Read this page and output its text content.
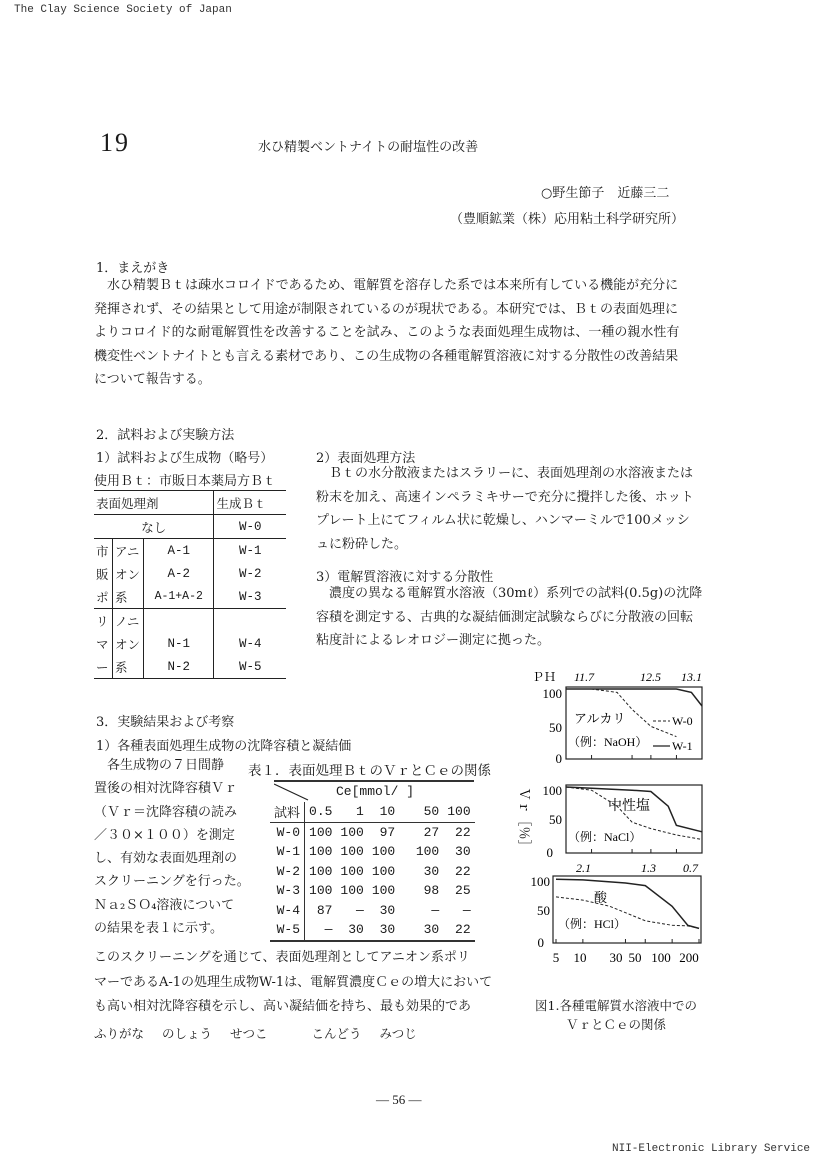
The Clay Science Society of Japan
19	水ひ精製ベントナイトの耐塩性の改善
○野生節子　近藤三二
（豊順鉱業（株）応用粘土科学研究所）
1．まえがき
　水ひ精製Ｂｔは疎水コロイドであるため、電解質を溶存した系では本来所有している機能が充分に
発揮されず、その結果として用途が制限されているのが現状である。本研究では、Ｂｔの表面処理に
よりコロイド的な耐電解質性を改善することを試み、このような表面処理生成物は、一種の親水性有
機変性ベントナイトとも言える素材であり、この生成物の各種電解質溶液に対する分散性の改善結果
について報告する。
2．試料および実験方法
1）試料および生成物（略号）
使用Ｂｔ：市販日本薬局方Ｂｔ
表面処理剤			生成Ｂｔ
なし			W-0
市	アニ	A-1	W-1
販	オン	A-2	W-2
ポ	系	A-1+A-2	W-3
リ	ノニ		
マ	オン	N-1	W-4
ー	系	N-2	W-5
2）表面処理方法
　Ｂｔの水分散液またはスラリーに、表面処理剤の水溶液または
粉末を加え、高速インペラミキサーで充分に攪拌した後、ホット
プレート上にてフィルム状に乾燥し、ハンマーミルで100メッシ
ュに粉砕した。
3）電解質溶液に対する分散性
　濃度の異なる電解質水溶液（30mℓ）系列での試料(0.5g)の沈降
容積を測定する、古典的な凝結価測定試験ならびに分散液の回転
粘度計によるレオロジー測定に拠った。
3．実験結果および考察
1）各種表面処理生成物の沈降容積と凝結価
　各生成物の７日間静
置後の相対沈降容積Ｖｒ
（Ｖｒ＝沈降容積の読み
／３０×１００）を測定
し、有効な表面処理剤の
スクリーニングを行った。
Ｎａ₂ＳＯ₄溶液について
の結果を表１に示す。
表１．表面処理ＢｔのＶｒとＣｅの関係
Ce[mmol/ ]
試料	0.5	1	10	50	100
W-0	100	100	97	27	22
W-1	100	100	100	100	30
W-2	100	100	100	30	22
W-3	100	100	100	98	25
W-4	87	—	30	—	—
W-5	—	30	30	30	22
このスクリーニングを通じて、表面処理剤としてアニオン系ポリ
マーであるA-1の処理生成物W-1は、電解質濃度Ｃｅの増大において
も高い相対沈降容積を示し、高い凝結価を持ち、最も効果的であ
ふりがな のしょう せつこ	こんどう みつじ
ＰＨ 11.7	12.5 13.1
100
50
0
100
50
0
100
50
0
Ｖｒ［％］
2.1	1.3 0.7
5 10 30 50 100 200
アルカリ
（例：NaOH）
W-0
W-1
中性塩
（例：NaCl）
酸
（例：HCl）
図1.各種電解質水溶液中での
ＶｒとＣｅの関係
— 56 —
NII-Electronic Library Service
